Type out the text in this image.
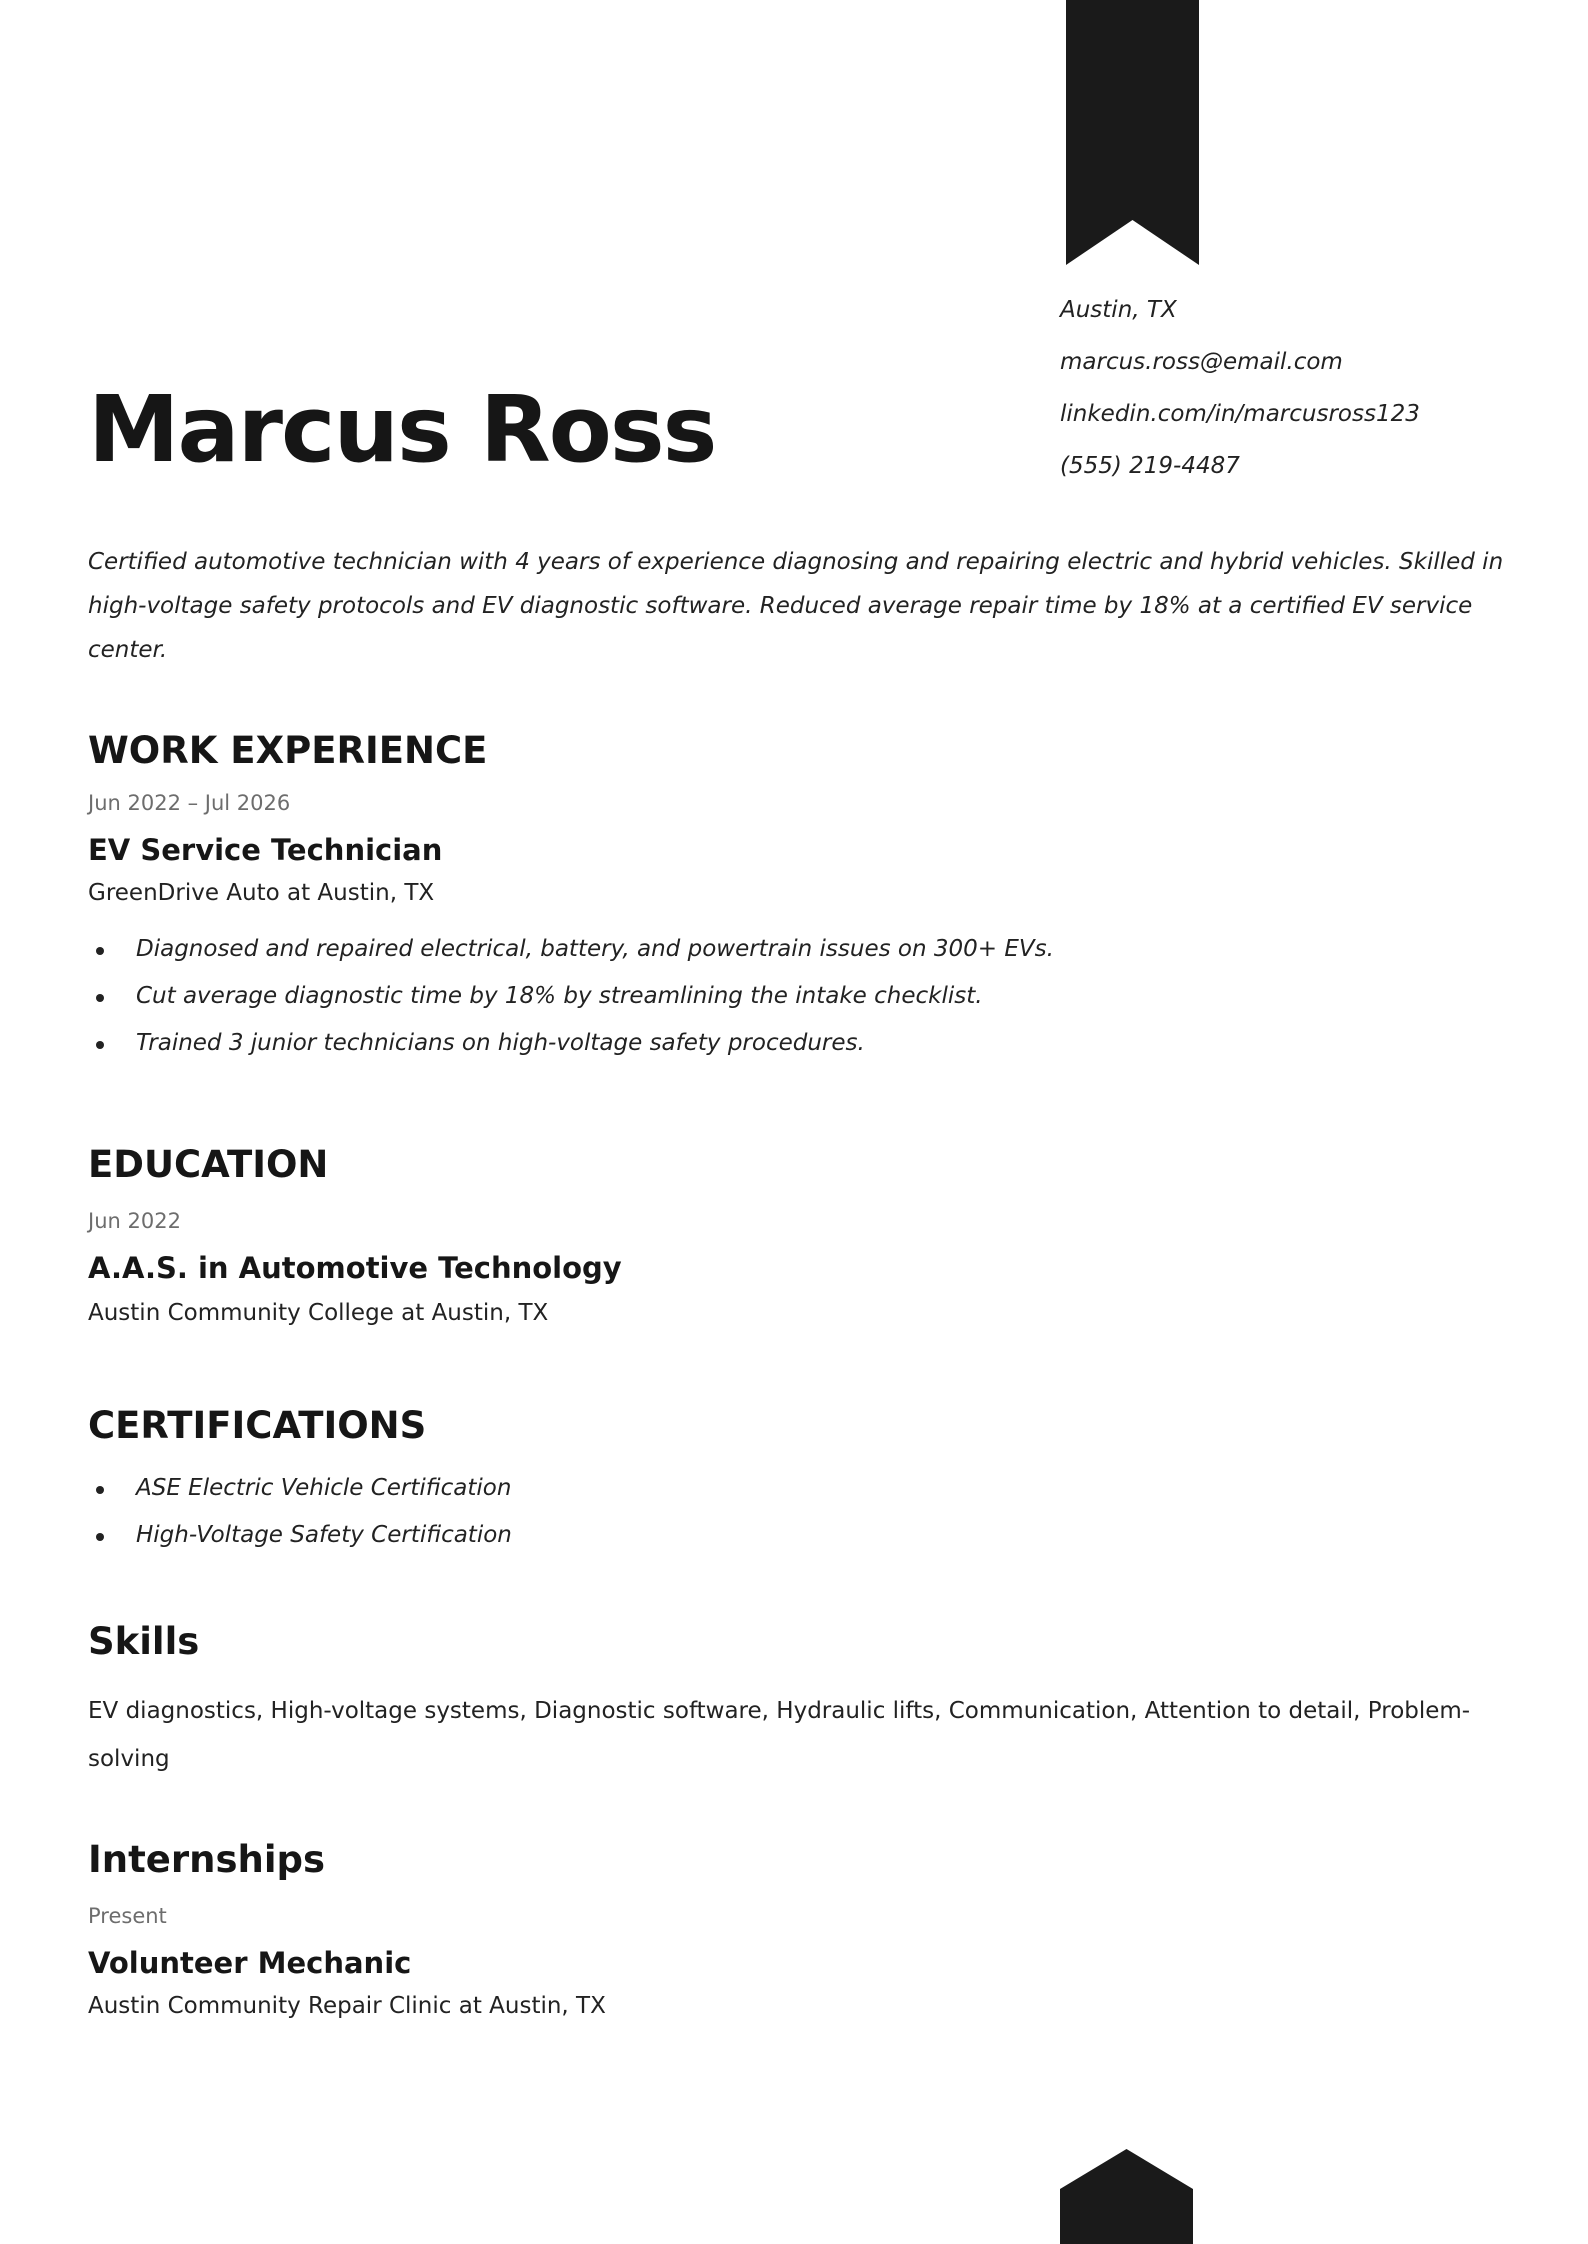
Marcus Ross
Austin, TX
marcus.ross@email.com
linkedin.com/in/marcusross123
(555) 219-4487

Certified automotive technician with 4 years of experience diagnosing and repairing electric and hybrid vehicles. Skilled in high-voltage safety protocols and EV diagnostic software. Reduced average repair time by 18% at a certified EV service center.

WORK EXPERIENCE
Jun 2022 – Jul 2026
EV Service Technician
GreenDrive Auto at Austin, TX
Diagnosed and repaired electrical, battery, and powertrain issues on 300+ EVs.
Cut average diagnostic time by 18% by streamlining the intake checklist.
Trained 3 junior technicians on high-voltage safety procedures.
EDUCATION
Jun 2022
A.A.S. in Automotive Technology
Austin Community College at Austin, TX
CERTIFICATIONS
ASE Electric Vehicle Certification
High-Voltage Safety Certification
Skills

EV diagnostics, High-voltage systems, Diagnostic software, Hydraulic lifts, Communication, Attention to detail, Problem-solving

Internships
Present
Volunteer Mechanic
Austin Community Repair Clinic at Austin, TX
